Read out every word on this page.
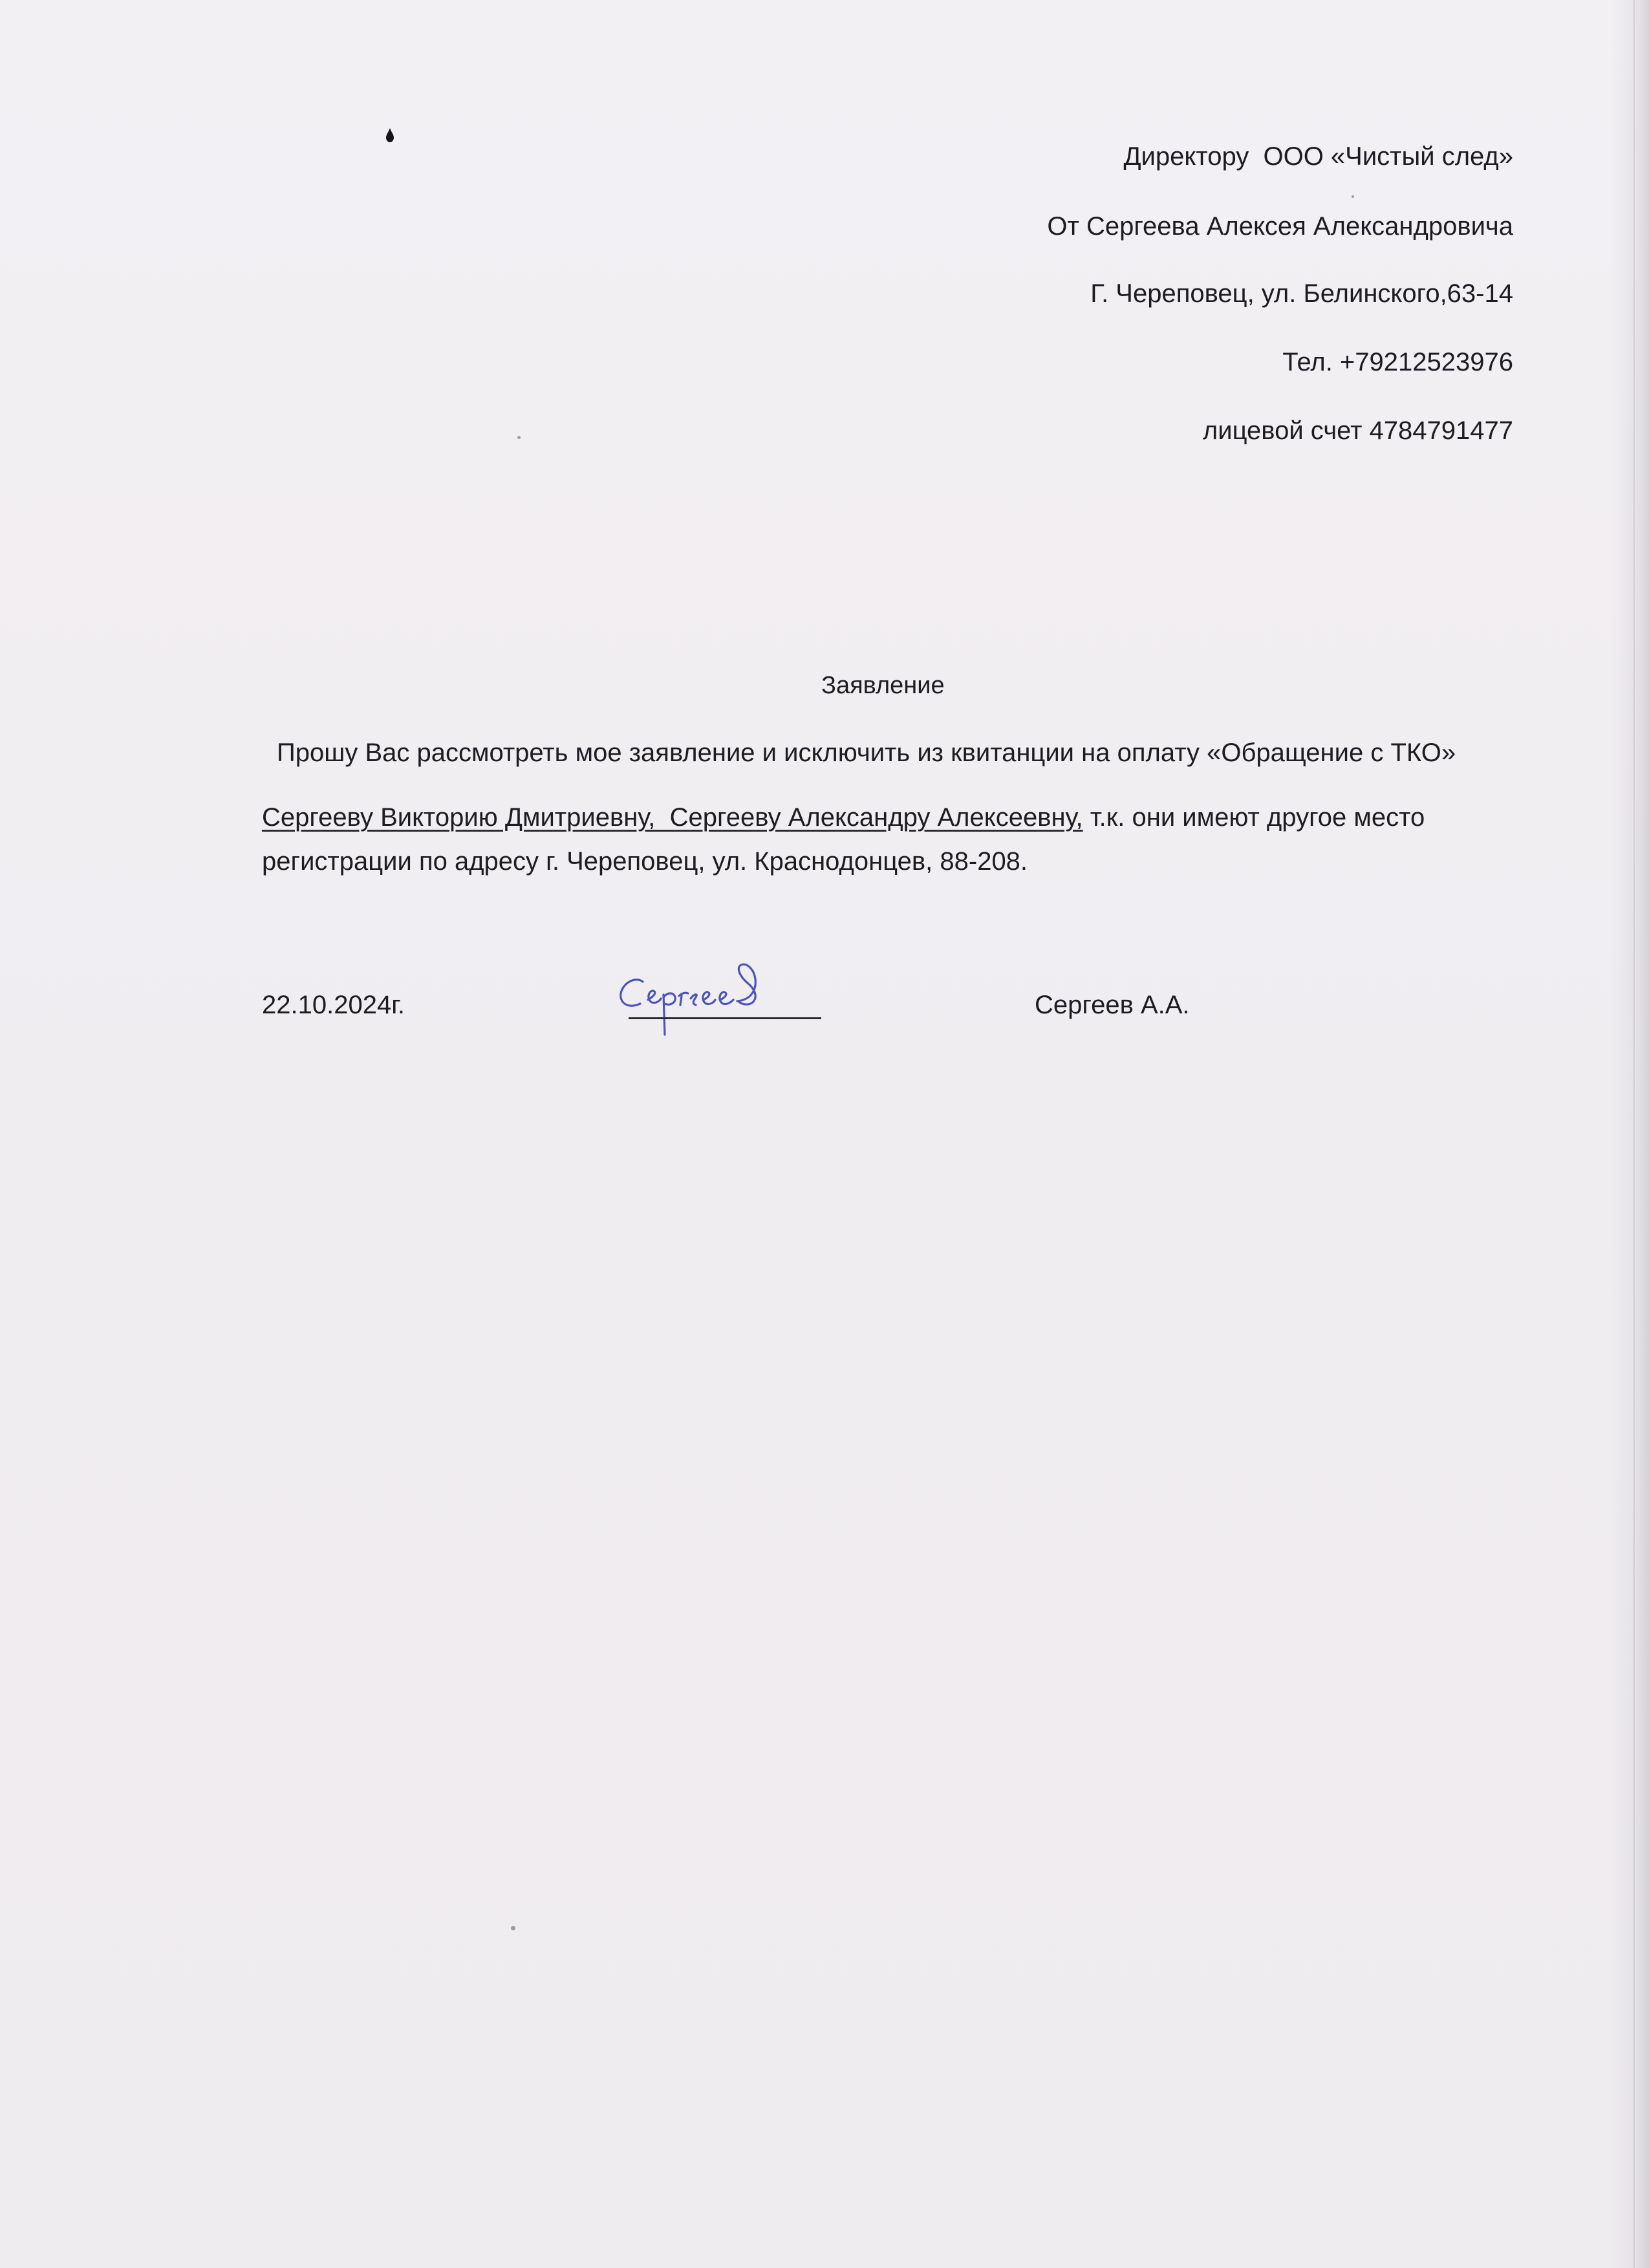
Директору  ООО «Чистый след»
От Сергеева Алексея Александровича
Г. Череповец, ул. Белинского,63-14
Тел. +79212523976
лицевой счет 4784791477
Заявление
Прошу Вас рассмотреть мое заявление и исключить из квитанции на оплату «Обращение с ТКО»
Сергееву Викторию Дмитриевну,  Сергееву Александру Алексеевну, т.к. они имеют другое место
регистрации по адресу г. Череповец, ул. Краснодонцев, 88-208.
22.10.2024г.	Сергеев А.А.
